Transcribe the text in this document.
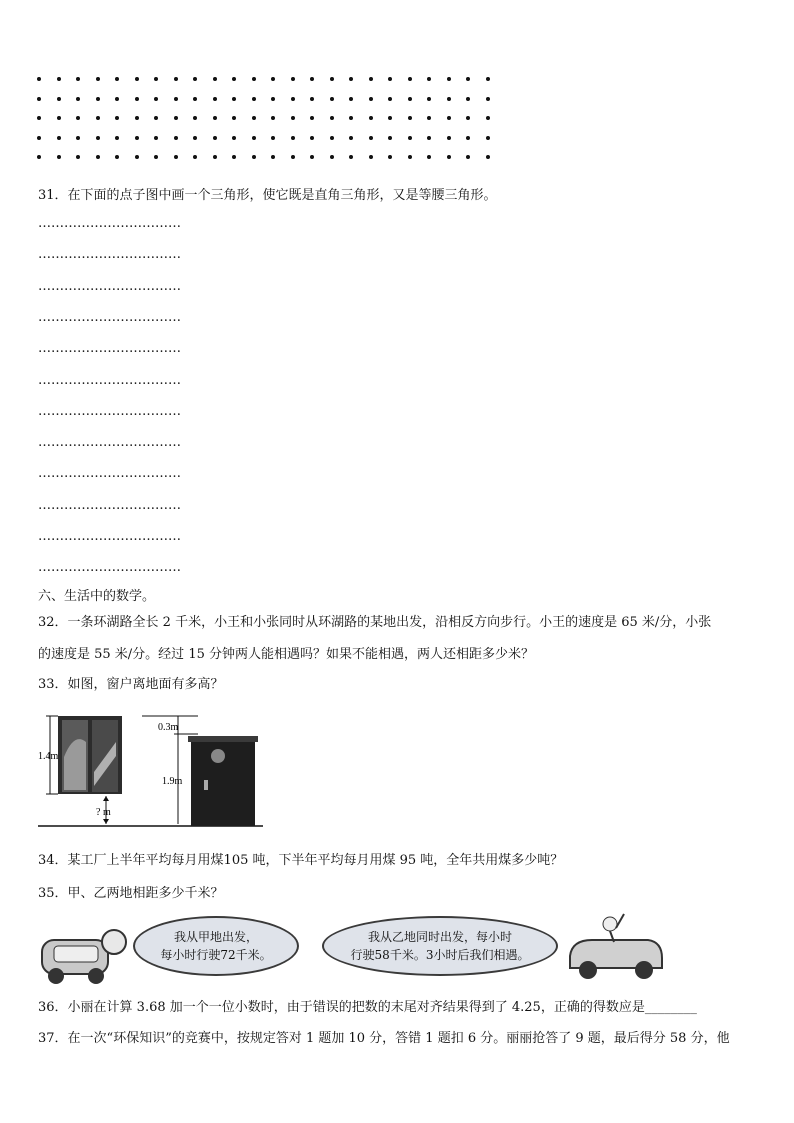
31．在下面的点子图中画一个三角形，使它既是直角三角形，又是等腰三角形。
……………………………
……………………………
……………………………
……………………………
……………………………
……………………………
……………………………
……………………………
……………………………
……………………………
……………………………
……………………………
六、生活中的数学。
32．一条环湖路全长 2 千米，小王和小张同时从环湖路的某地出发，沿相反方向步行。小王的速度是 65 米/分，小张
的速度是 55 米/分。经过 15 分钟两人能相遇吗？如果不能相遇，两人还相距多少米？
33．如图，窗户离地面有多高？
1.4m
? m
0.3m
1.9m
34．某工厂上半年平均每月用煤105 吨，下半年平均每月用煤 95 吨，全年共用煤多少吨？
35．甲、乙两地相距多少千米？
我从甲地出发，
每小时行驶72千米。
我从乙地同时出发，每小时
行驶58千米。3小时后我们相遇。
36．小丽在计算 3.68 加一个一位小数时，由于错误的把数的末尾对齐结果得到了 4.25，正确的得数应是________
37．在一次“环保知识”的竞赛中，按规定答对 1 题加 10 分，答错 1 题扣 6 分。丽丽抢答了 9 题，最后得分 58 分，他
